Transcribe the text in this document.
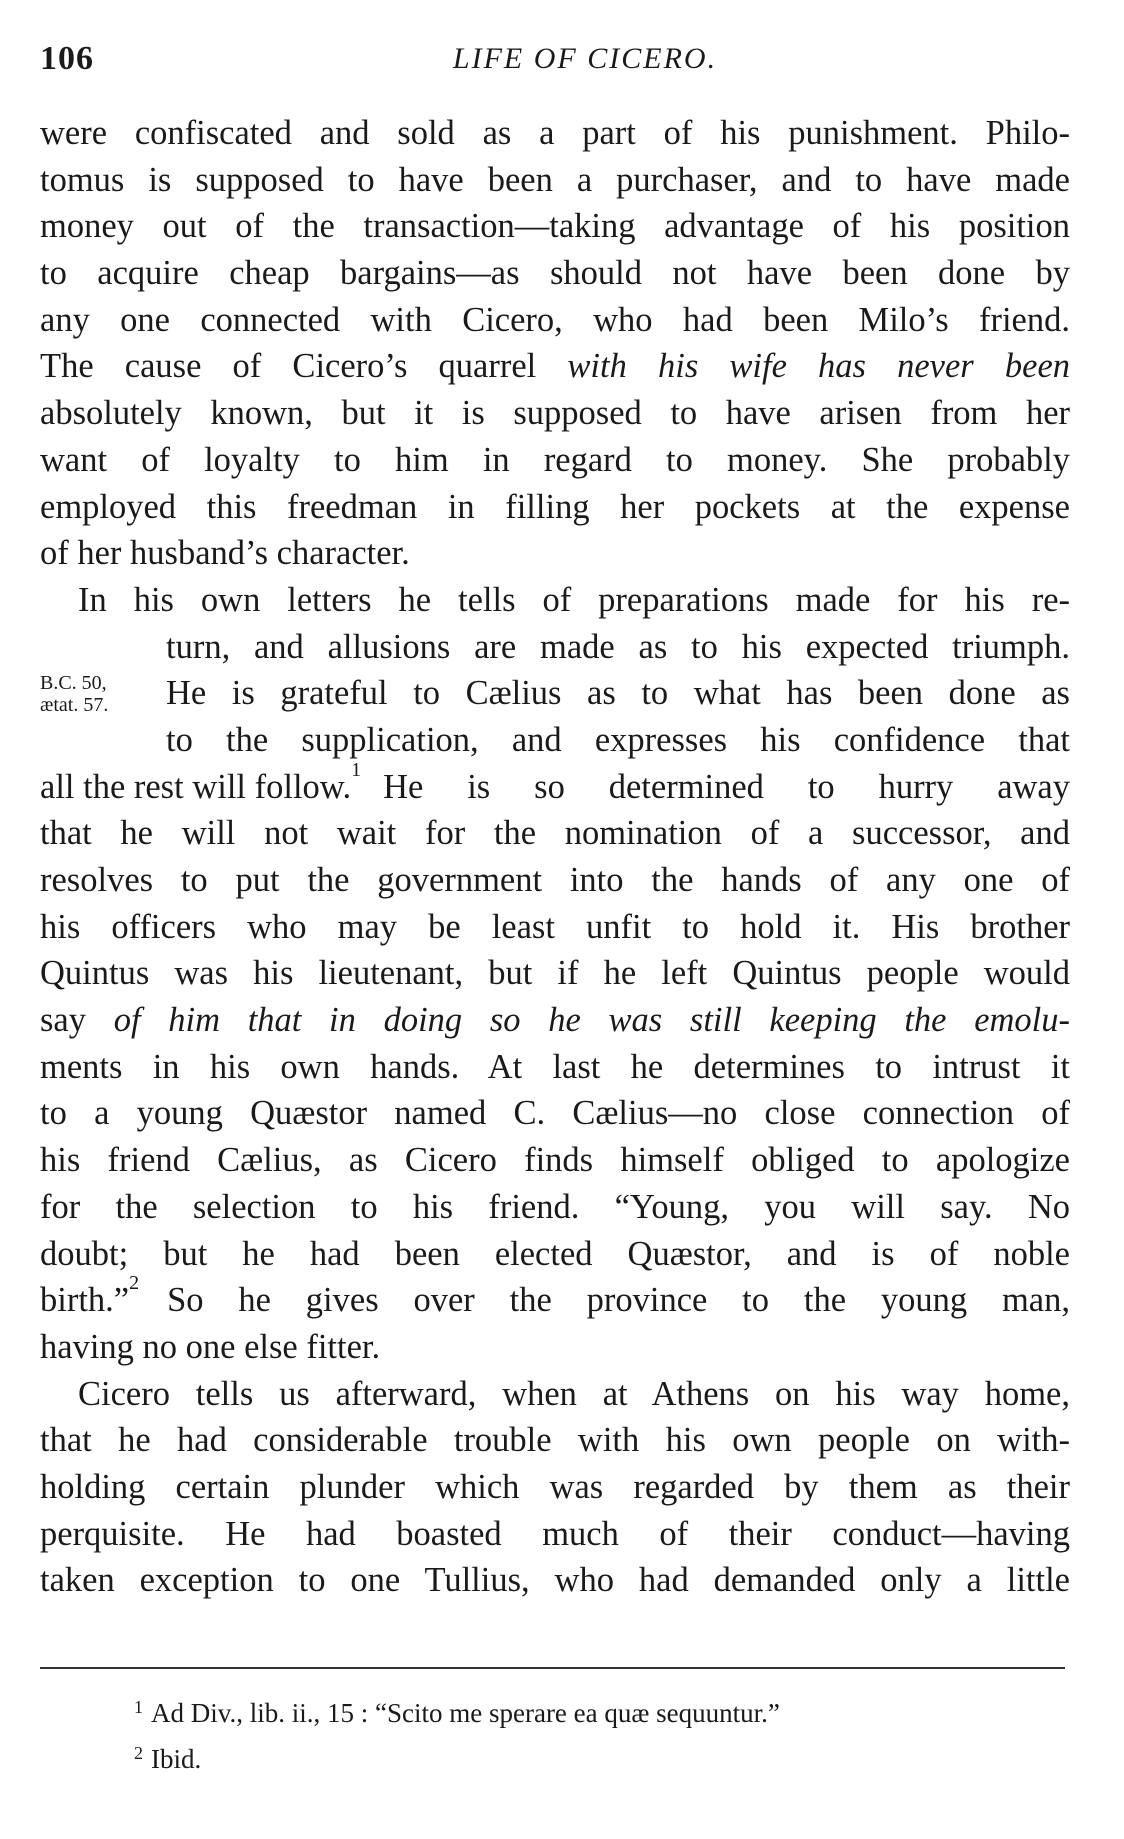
106	LIFE OF CICERO.
B.C. 50,
ætat. 57.
were confiscated and sold as a part of his punishment. Philo-
tomus is supposed to have been a purchaser, and to have made
money out of the transaction—taking advantage of his position
to acquire cheap bargains—as should not have been done by
any one connected with Cicero, who had been Milo’s friend.
The cause of Cicero’s quarrel with his wife has never been
absolutely known, but it is supposed to have arisen from her
want of loyalty to him in regard to money. She probably
employed this freedman in filling her pockets at the expense
of her husband’s character.
In his own letters he tells of preparations made for his re-
turn, and allusions are made as to his expected triumph.
He is grateful to Cælius as to what has been done as
to the supplication, and expresses his confidence that
all the rest will follow.$^1$ He is so determined to hurry away
that he will not wait for the nomination of a successor, and
resolves to put the government into the hands of any one of
his officers who may be least unfit to hold it. His brother
Quintus was his lieutenant, but if he left Quintus people would
say of him that in doing so he was still keeping the emolu-
ments in his own hands. At last he determines to intrust it
to a young Quæstor named C. Cælius—no close connection of
his friend Cælius, as Cicero finds himself obliged to apologize
for the selection to his friend. “Young, you will say. No
doubt; but he had been elected Quæstor, and is of noble
birth.”$^2$ So he gives over the province to the young man,
having no one else fitter.
Cicero tells us afterward, when at Athens on his way home,
that he had considerable trouble with his own people on with-
holding certain plunder which was regarded by them as their
perquisite. He had boasted much of their conduct—having
taken exception to one Tullius, who had demanded only a little
$^1$ Ad Div., lib. ii., 15 : “Scito me sperare ea quæ sequuntur.”
$^2$ Ibid.
